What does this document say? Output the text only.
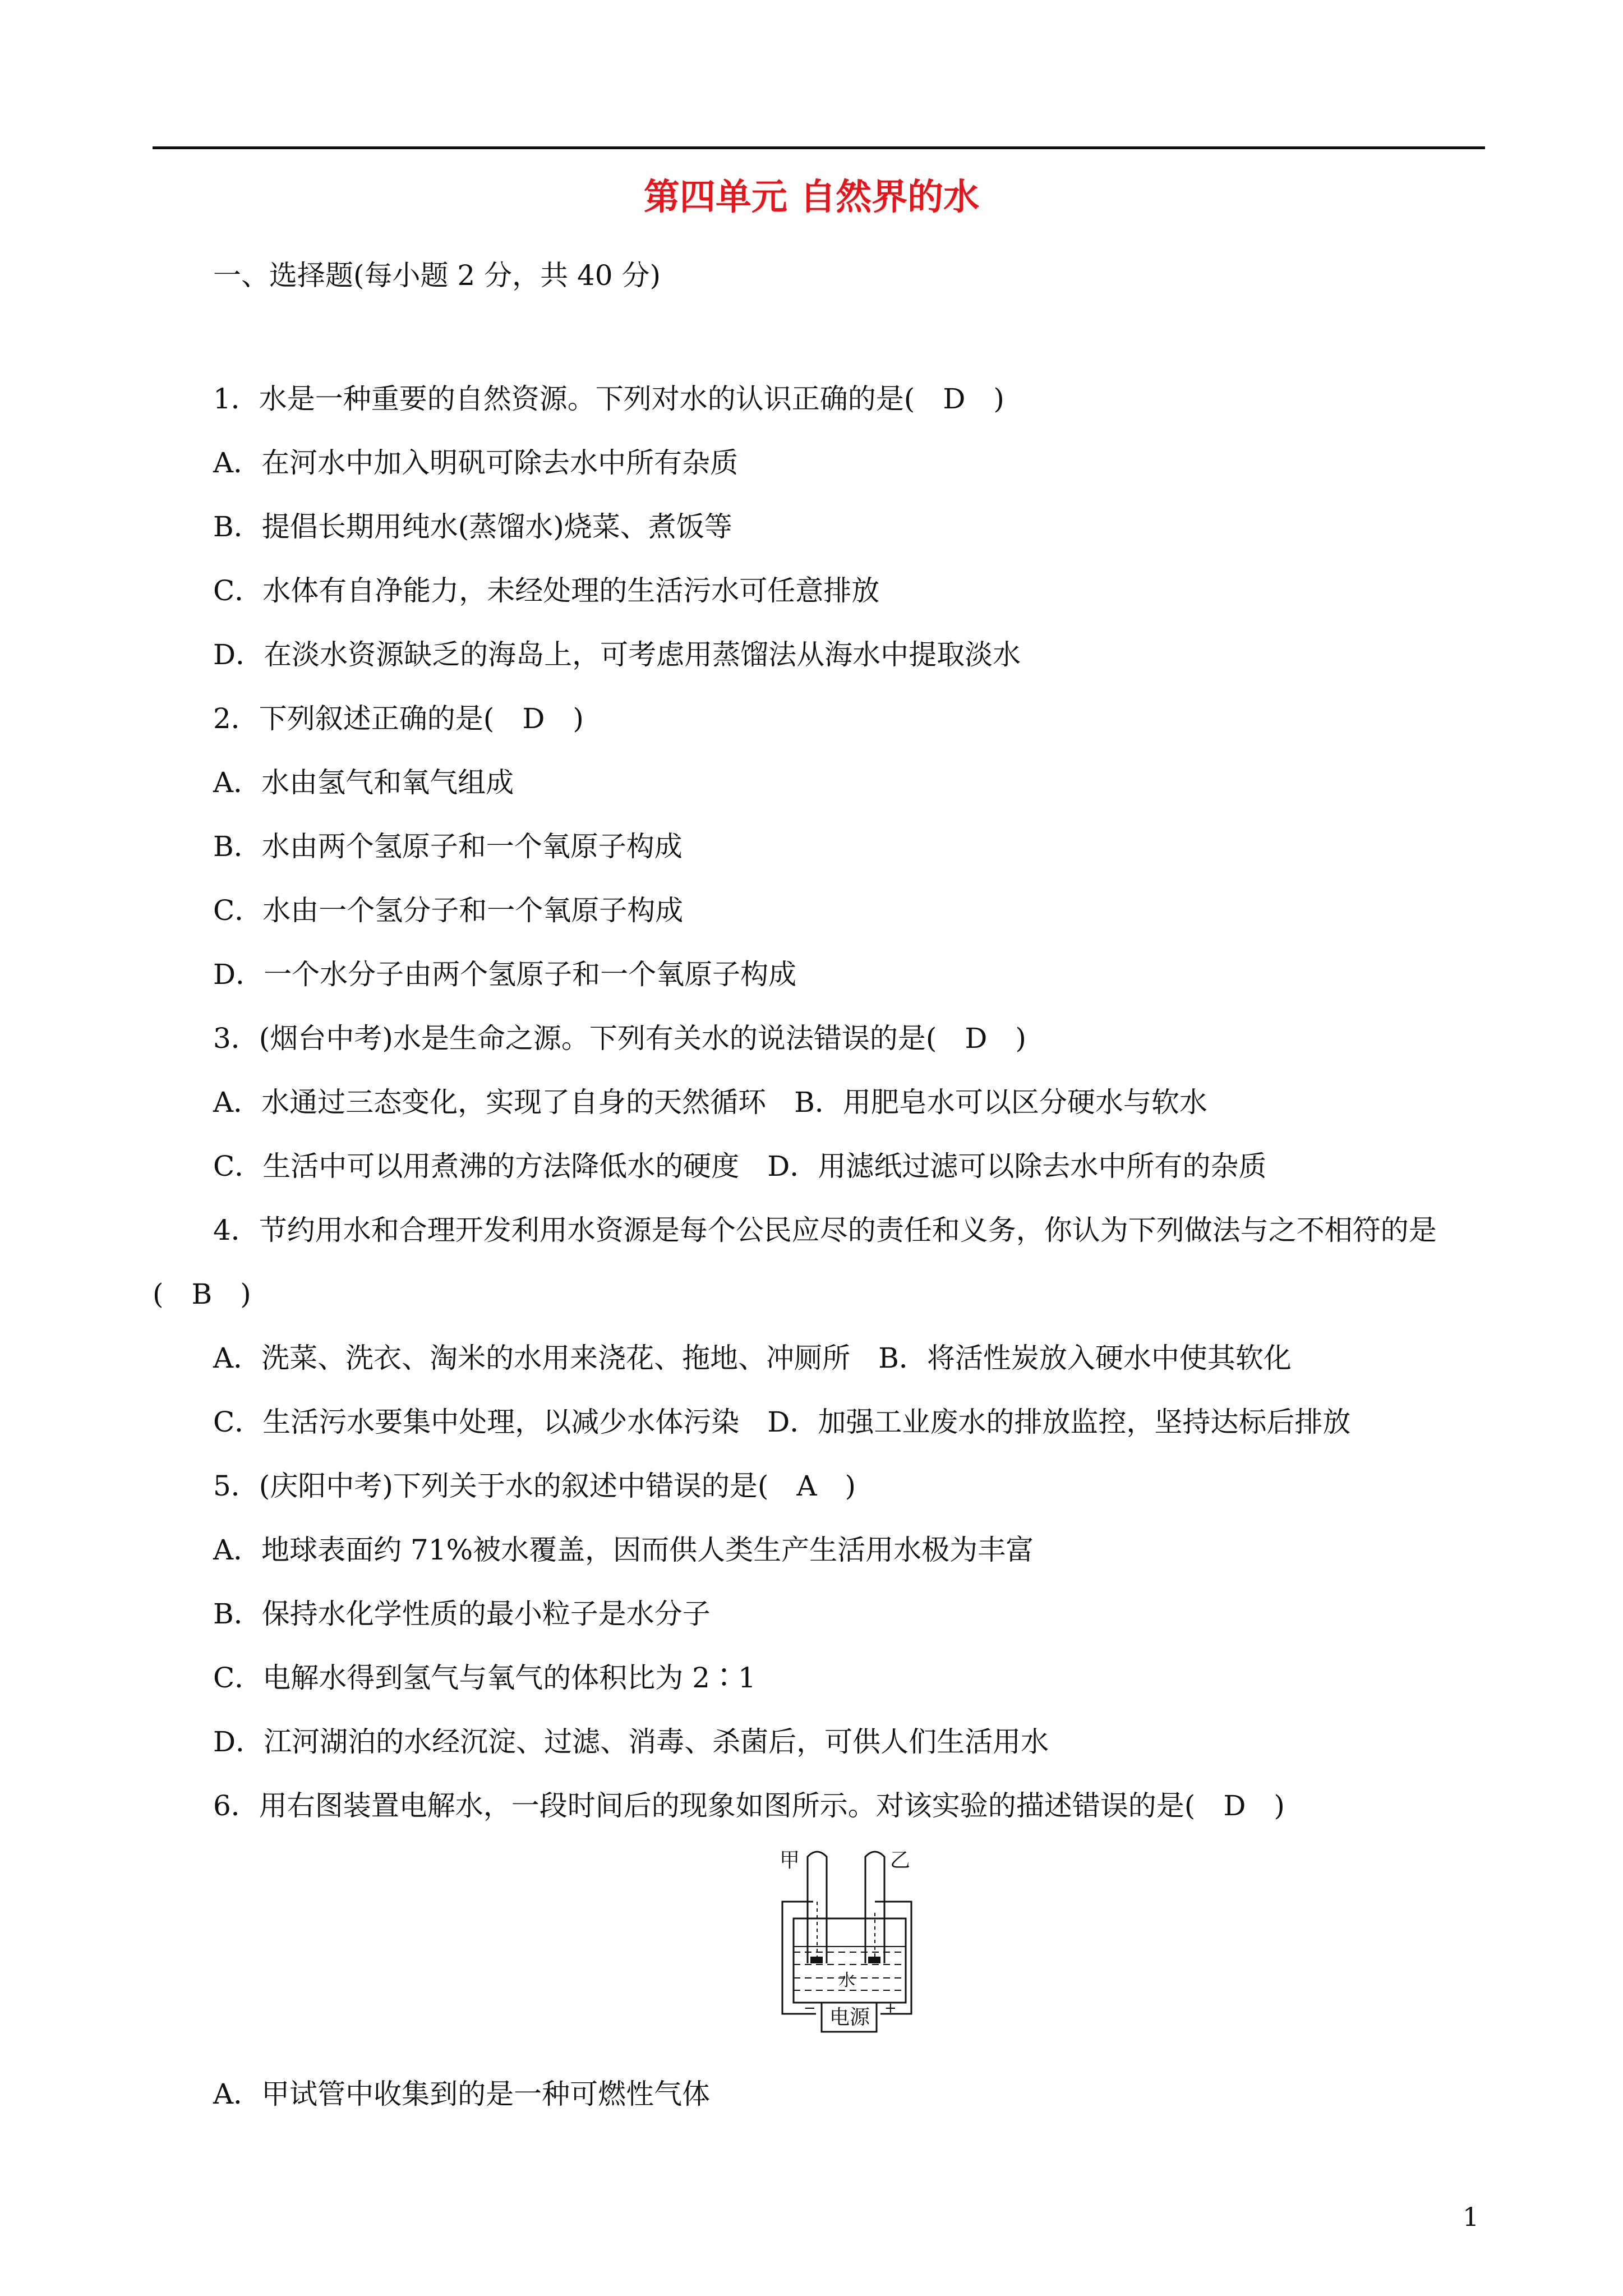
第四单元 自然界的水
一、选择题(每小题 2 分，共 40 分)
1．水是一种重要的自然资源。下列对水的认识正确的是(　D　)
A．在河水中加入明矾可除去水中所有杂质
B．提倡长期用纯水(蒸馏水)烧菜、煮饭等
C．水体有自净能力，未经处理的生活污水可任意排放
D．在淡水资源缺乏的海岛上，可考虑用蒸馏法从海水中提取淡水
2．下列叙述正确的是(　D　)
A．水由氢气和氧气组成
B．水由两个氢原子和一个氧原子构成
C．水由一个氢分子和一个氧原子构成
D．一个水分子由两个氢原子和一个氧原子构成
3．(烟台中考)水是生命之源。下列有关水的说法错误的是(　D　)
A．水通过三态变化，实现了自身的天然循环　B．用肥皂水可以区分硬水与软水
C．生活中可以用煮沸的方法降低水的硬度　D．用滤纸过滤可以除去水中所有的杂质
4．节约用水和合理开发利用水资源是每个公民应尽的责任和义务，你认为下列做法与之不相符的是
(　B　)
A．洗菜、洗衣、淘米的水用来浇花、拖地、冲厕所　B．将活性炭放入硬水中使其软化
C．生活污水要集中处理，以减少水体污染　D．加强工业废水的排放监控，坚持达标后排放
5．(庆阳中考)下列关于水的叙述中错误的是(　A　)
A．地球表面约 71%被水覆盖，因而供人类生产生活用水极为丰富
B．保持水化学性质的最小粒子是水分子
C．电解水得到氢气与氧气的体积比为 2∶1
D．江河湖泊的水经沉淀、过滤、消毒、杀菌后，可供人们生活用水
6．用右图装置电解水，一段时间后的现象如图所示。对该实验的描述错误的是(　D　)
甲	乙
水
电源
−	+
A．甲试管中收集到的是一种可燃性气体
1
